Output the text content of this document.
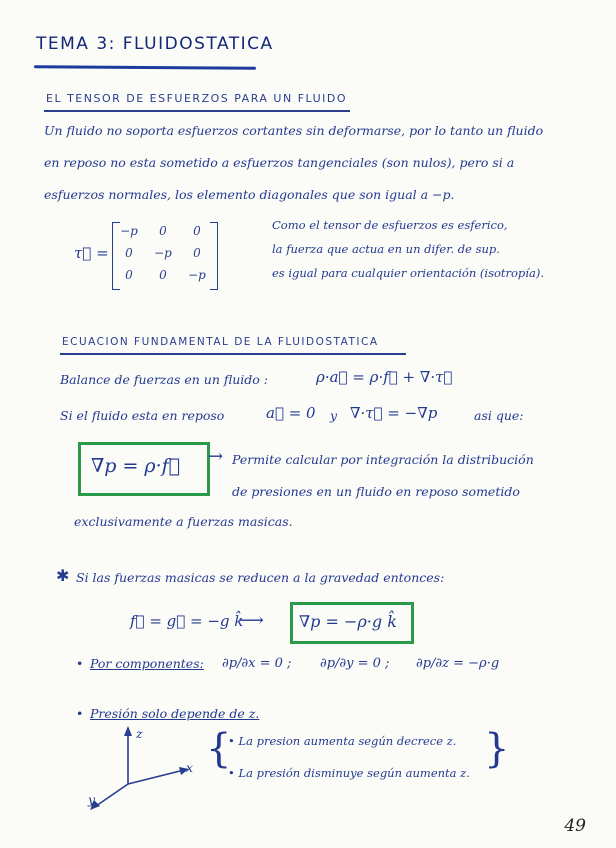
TEMA 3: FLUIDOSTATICA
EL TENSOR DE ESFUERZOS PARA UN FLUIDO
Un fluido no soporta esfuerzos cortantes sin deformarse, por lo tanto un fluido
en reposo no esta sometido a esfuerzos tangenciales (son nulos), pero si a
esfuerzos normales, los elemento diagonales que son igual a −p.
τ⃡ =
−p	0	0
0	−p	0
0	0	−p
Como el tensor de esfuerzos es esferico,
la fuerza que actua en un difer. de sup.
es igual para cualquier orientación (isotropía).
ECUACION FUNDAMENTAL DE LA FLUIDOSTATICA
Balance de fuerzas en un fluido :	ρ·a⃗ = ρ·f⃗ + ∇·τ⃡
Si el fluido esta en reposo	a⃗ = 0 y ∇·τ⃡ = −∇p	asi que:
∇p = ρ·f⃗ → Permite calcular por integración la distribución
de presiones en un fluido en reposo sometido
exclusivamente a fuerzas masicas.
✱ Si las fuerzas masicas se reducen a la gravedad entonces:
f⃗ = g⃗ = −g k̂
⟶ ∇p = −ρ·g k̂
• Por componentes: ∂p/∂x = 0 ; ∂p/∂y = 0 ; ∂p/∂z = −ρ·g
• Presión solo depende de z.
z
x
y
{
• La presion aumenta según decrece z.
• La presión disminuye según aumenta z.
}
49
